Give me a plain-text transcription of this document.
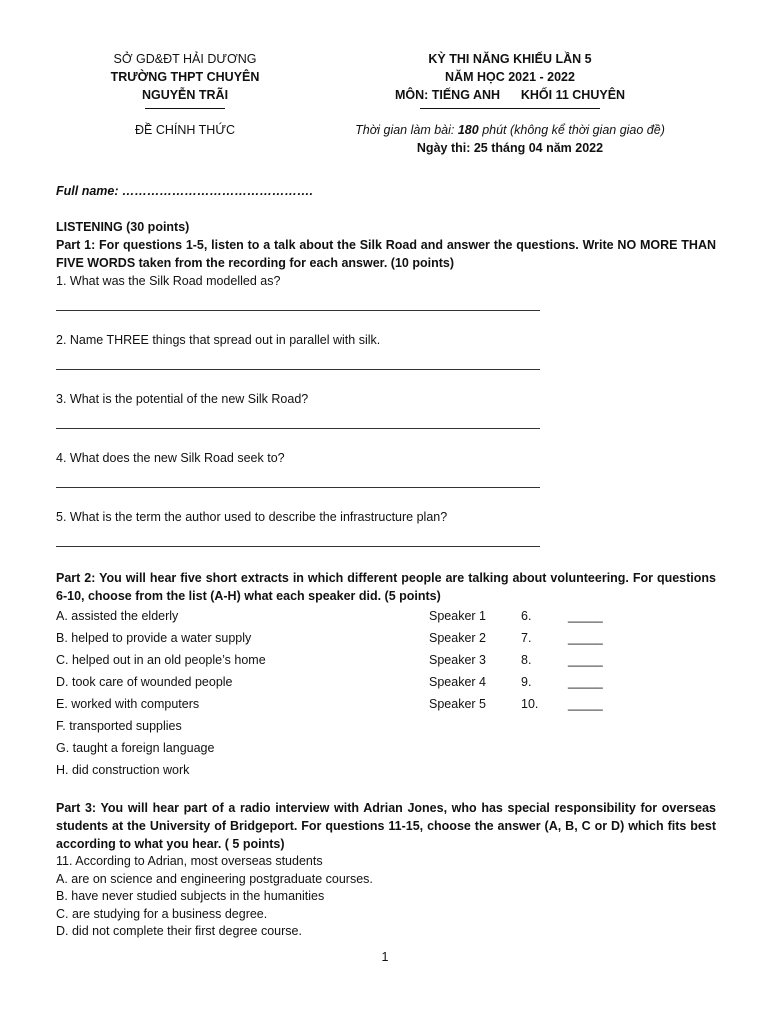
SỞ GD&ĐT HẢI DƯƠNG
TRƯỜNG THPT CHUYÊN
NGUYỄN TRÃI
ĐỀ CHÍNH THỨC
KỲ THI NĂNG KHIẾU LẦN 5
NĂM HỌC 2021 - 2022
MÔN: TIẾNG ANH      KHỐI 11 CHUYÊN
Thời gian làm bài: 180 phút (không kể thời gian giao đề)
Ngày thi: 25 tháng 04 năm 2022
Full name: ……………………………………….
LISTENING (30 points)
Part 1: For questions 1-5, listen to a talk about the Silk Road and answer the questions. Write NO MORE THAN FIVE WORDS taken from the recording for each answer. (10 points)
1. What was the Silk Road modelled as?
2. Name THREE things that spread out in parallel with silk.
3. What is the potential of the new Silk Road?
4. What does the new Silk Road seek to?
5. What is the term the author used to describe the infrastructure plan?
Part 2: You will hear five short extracts in which different people are talking about volunteering. For questions 6-10, choose from the list (A-H) what each speaker did. (5 points)
A. assisted the elderly	Speaker 1	6.	_____
B. helped to provide a water supply	Speaker 2	7.	_____
C. helped out in an old people’s home	Speaker 3	8.	_____
D. took care of wounded people	Speaker 4	9.	_____
E. worked with computers	Speaker 5	10. _____
F. transported supplies
G. taught a foreign language
H. did construction work
Part 3: You will hear part of a radio interview with Adrian Jones, who has special responsibility for overseas students at the University of Bridgeport. For questions 11-15, choose the answer (A, B, C or D) which fits best according to what you hear. ( 5 points)
11. According to Adrian, most overseas students
A. are on science and engineering postgraduate courses.
B. have never studied subjects in the humanities
C. are studying for a business degree.
D. did not complete their first degree course.
1
